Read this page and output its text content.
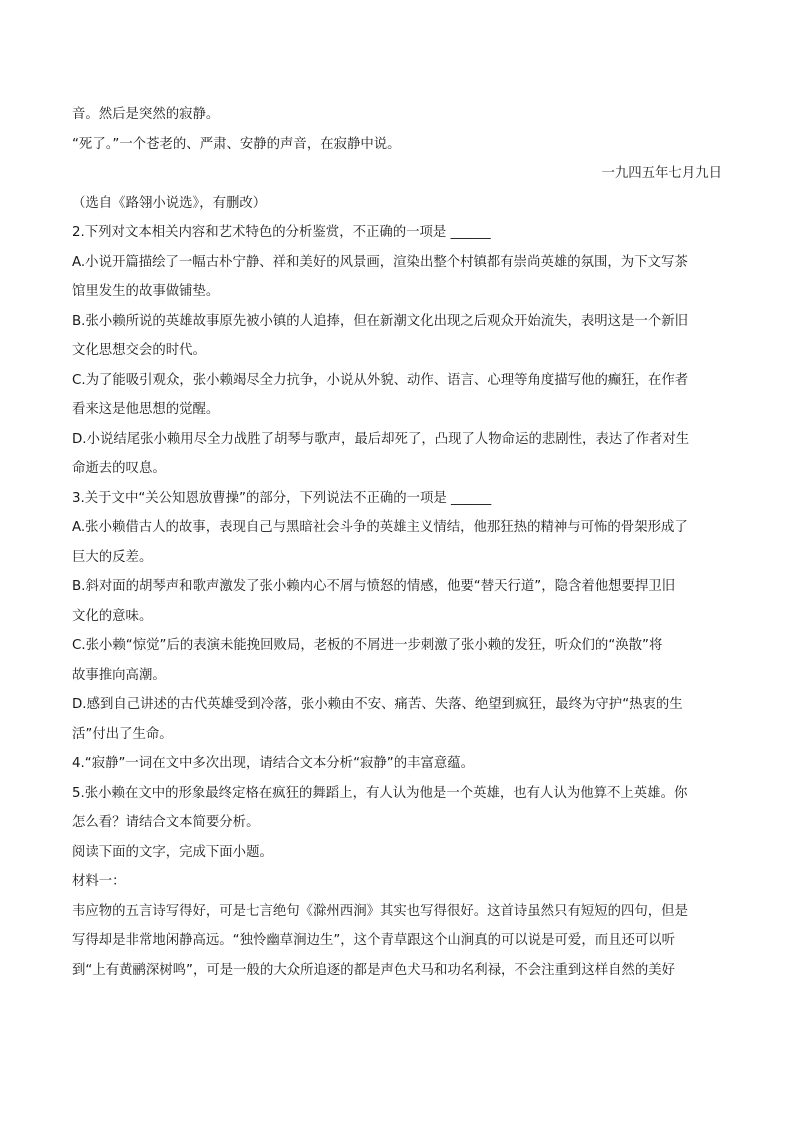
音。然后是突然的寂静。
“死了。”一个苍老的、严肃、安静的声音，在寂静中说。
一九四五年七月九日
（选自《路翎小说选》，有删改）
2.下列对文本相关内容和艺术特色的分析鉴赏，不正确的一项是 ______
A.小说开篇描绘了一幅古朴宁静、祥和美好的风景画，渲染出整个村镇都有崇尚英雄的氛围，为下文写茶
馆里发生的故事做铺垫。
B.张小赖所说的英雄故事原先被小镇的人追捧，但在新潮文化出现之后观众开始流失，表明这是一个新旧
文化思想交会的时代。
C.为了能吸引观众，张小赖竭尽全力抗争，小说从外貌、动作、语言、心理等角度描写他的癫狂，在作者
看来这是他思想的觉醒。
D.小说结尾张小赖用尽全力战胜了胡琴与歌声，最后却死了，凸现了人物命运的悲剧性，表达了作者对生
命逝去的叹息。
3.关于文中“关公知恩放曹操”的部分，下列说法不正确的一项是 ______
A.张小赖借古人的故事，表现自己与黑暗社会斗争的英雄主义情结，他那狂热的精神与可怖的骨架形成了
巨大的反差。
B.斜对面的胡琴声和歌声激发了张小赖内心不屑与愤怒的情感，他要“替天行道”，隐含着他想要捍卫旧
文化的意味。
C.张小赖“惊觉”后的表演未能挽回败局，老板的不屑进一步刺激了张小赖的发狂，听众们的“涣散”将
故事推向高潮。
D.感到自己讲述的古代英雄受到冷落，张小赖由不安、痛苦、失落、绝望到疯狂，最终为守护“热衷的生
活”付出了生命。
4.“寂静”一词在文中多次出现，请结合文本分析“寂静”的丰富意蕴。
5.张小赖在文中的形象最终定格在疯狂的舞蹈上，有人认为他是一个英雄，也有人认为他算不上英雄。你
怎么看？请结合文本简要分析。
阅读下面的文字，完成下面小题。
材料一：
韦应物的五言诗写得好，可是七言绝句《滁州西涧》其实也写得很好。这首诗虽然只有短短的四句，但是
写得却是非常地闲静高远。“独怜幽草涧边生”，这个青草跟这个山涧真的可以说是可爱，而且还可以听
到“上有黄鹂深树鸣”，可是一般的大众所追逐的都是声色犬马和功名利禄，不会注重到这样自然的美好
